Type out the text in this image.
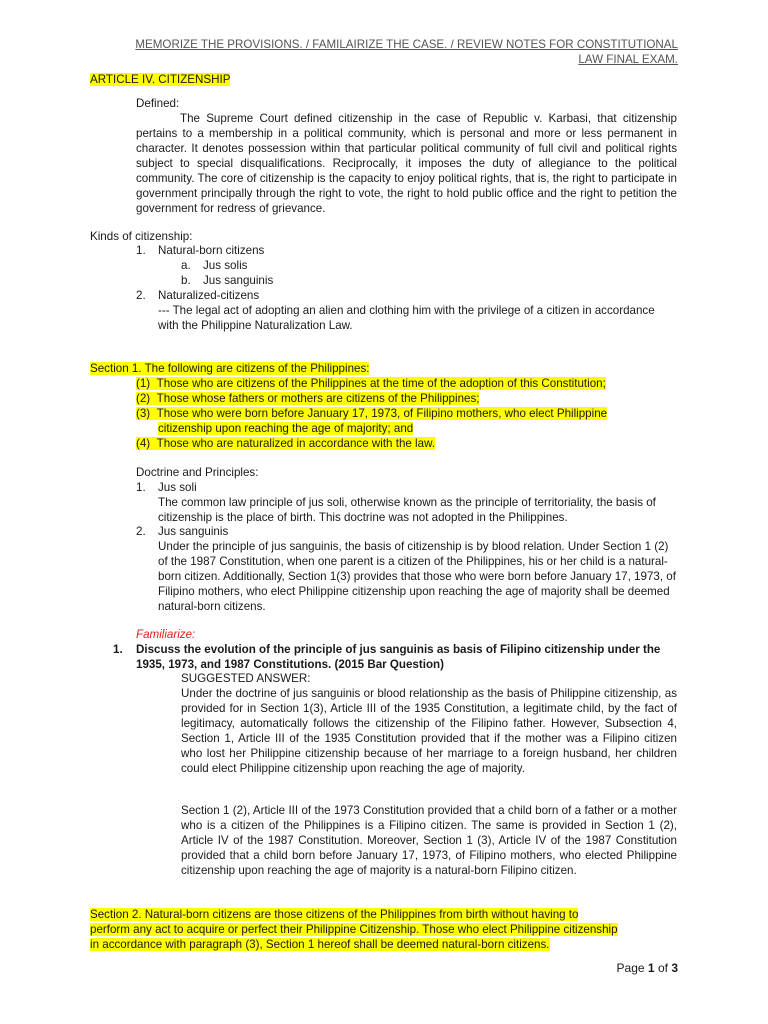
MEMORIZE THE PROVISIONS. / FAMILAIRIZE THE CASE. / REVIEW NOTES FOR CONSTITUTIONAL
LAW FINAL EXAM.
ARTICLE IV. CITIZENSHIP
Defined:
The Supreme Court defined citizenship in the case of Republic v. Karbasi, that citizenship pertains to a membership in a political community, which is personal and more or less permanent in character. It denotes possession within that particular political community of full civil and political rights subject to special disqualifications. Reciprocally, it imposes the duty of allegiance to the political community. The core of citizenship is the capacity to enjoy political rights, that is, the right to participate in government principally through the right to vote, the right to hold public office and the right to petition the government for redress of grievance.
Kinds of citizenship:
1. Natural-born citizens
a. Jus solis
b. Jus sanguinis
2. Naturalized-citizens
--- The legal act of adopting an alien and clothing him with the privilege of a citizen in accordance with the Philippine Naturalization Law.
Section 1. The following are citizens of the Philippines:
(1) Those who are citizens of the Philippines at the time of the adoption of this Constitution;
(2) Those whose fathers or mothers are citizens of the Philippines;
(3) Those who were born before January 17, 1973, of Filipino mothers, who elect Philippine
citizenship upon reaching the age of majority; and
(4) Those who are naturalized in accordance with the law.
Doctrine and Principles:
1. Jus soli
The common law principle of jus soli, otherwise known as the principle of territoriality, the basis of citizenship is the place of birth. This doctrine was not adopted in the Philippines.
2. Jus sanguinis
Under the principle of jus sanguinis, the basis of citizenship is by blood relation. Under Section 1 (2) of the 1987 Constitution, when one parent is a citizen of the Philippines, his or her child is a natural-born citizen. Additionally, Section 1(3) provides that those who were born before January 17, 1973, of Filipino mothers, who elect Philippine citizenship upon reaching the age of majority shall be deemed natural-born citizens.
Familiarize:
1. Discuss the evolution of the principle of jus sanguinis as basis of Filipino citizenship under the 1935, 1973, and 1987 Constitutions. (2015 Bar Question)
SUGGESTED ANSWER:
Under the doctrine of jus sanguinis or blood relationship as the basis of Philippine citizenship, as provided for in Section 1(3), Article III of the 1935 Constitution, a legitimate child, by the fact of legitimacy, automatically follows the citizenship of the Filipino father. However, Subsection 4, Section 1, Article III of the 1935 Constitution provided that if the mother was a Filipino citizen who lost her Philippine citizenship because of her marriage to a foreign husband, her children could elect Philippine citizenship upon reaching the age of majority.
Section 1 (2), Article III of the 1973 Constitution provided that a child born of a father or a mother who is a citizen of the Philippines is a Filipino citizen. The same is provided in Section 1 (2), Article IV of the 1987 Constitution. Moreover, Section 1 (3), Article IV of the 1987 Constitution provided that a child born before January 17, 1973, of Filipino mothers, who elected Philippine citizenship upon reaching the age of majority is a natural-born Filipino citizen.
Section 2. Natural-born citizens are those citizens of the Philippines from birth without having to
perform any act to acquire or perfect their Philippine Citizenship. Those who elect Philippine citizenship
in accordance with paragraph (3), Section 1 hereof shall be deemed natural-born citizens.
Page 1 of 3
